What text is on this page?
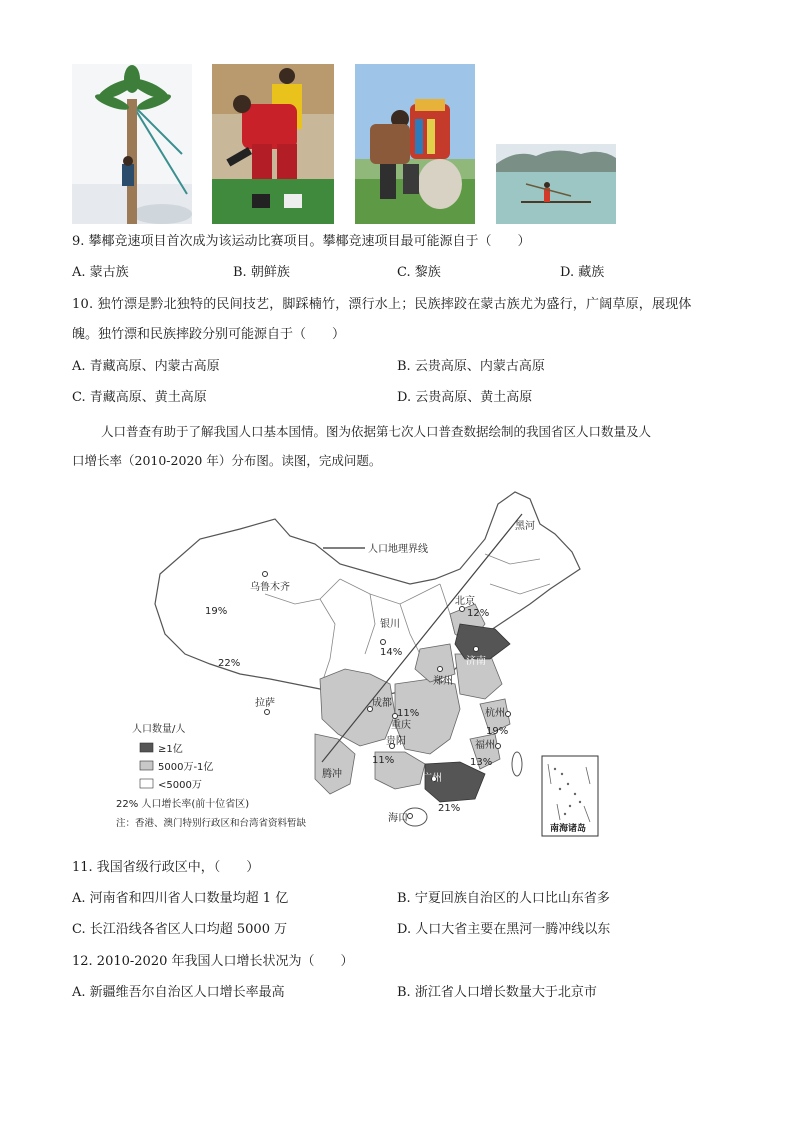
9. 攀椰竞速项目首次成为该运动比赛项目。攀椰竞速项目最可能源自于（　　）
A. 蒙古族	B. 朝鲜族	C. 黎族	D. 藏族
10. 独竹漂是黔北独特的民间技艺，脚踩楠竹，漂行水上；民族摔跤在蒙古族尤为盛行，广阔草原，展现体
魄。独竹漂和民族摔跤分别可能源自于（　　）
A. 青藏高原、内蒙古高原	B. 云贵高原、内蒙古高原
C. 青藏高原、黄土高原	D. 云贵高原、黄土高原
人口普查有助于了解我国人口基本国情。图为依据第七次人口普查数据绘制的我国省区人口数量及人
口增长率（2010-2020 年）分布图。读图，完成问题。
人口地理界线
黑河
乌鲁木齐
银川
北京
济南
郑州
拉萨	成都
重庆
杭州
贵阳	福州
腾冲	广州
海口
19%
22%
12%
14%
11%
11%
19%
13%
21%
人口数量/人
≥1亿
5000万-1亿
<5000万
22% 人口增长率(前十位省区)
注：香港、澳门特别行政区和台湾省资料暂缺	南海诸岛
11. 我国省级行政区中，（　　）
A. 河南省和四川省人口数量均超 1 亿	B. 宁夏回族自治区的人口比山东省多
C. 长江沿线各省区人口均超 5000 万	D. 人口大省主要在黑河一腾冲线以东
12. 2010-2020 年我国人口增长状况为（　　）
A. 新疆维吾尔自治区人口增长率最高	B. 浙江省人口增长数量大于北京市
